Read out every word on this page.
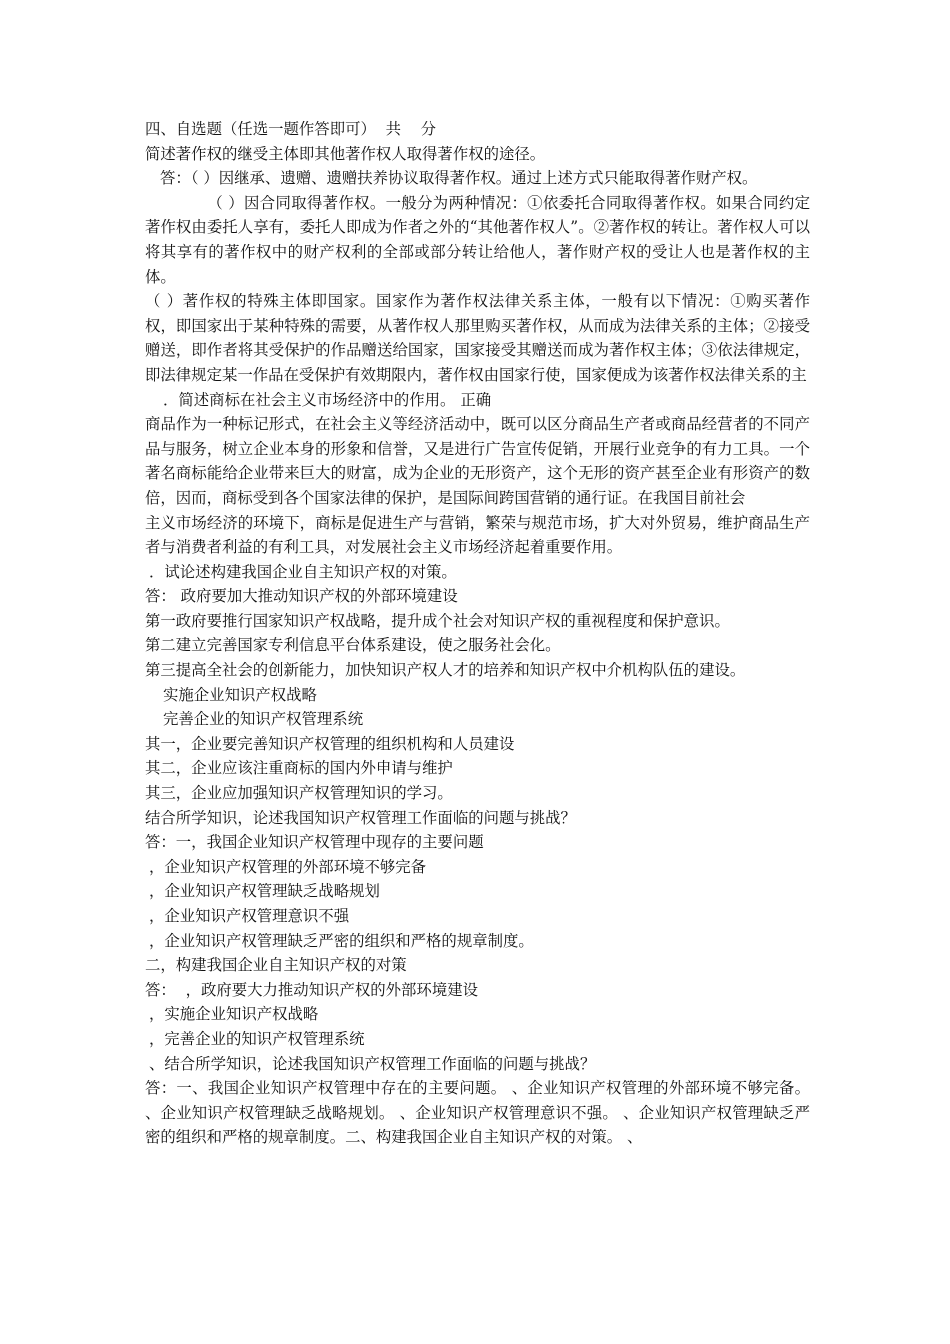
四、自选题（任选一题作答即可）  共    分

简述著作权的继受主体即其他著作权人取得著作权的途径。

答：（ ）因继承、遗赠、遗赠扶养协议取得著作权。通过上述方式只能取得著作财产权。

（ ）因合同取得著作权。一般分为两种情况：①依委托合同取得著作权。如果合同约定著作权由委托人享有，委托人即成为作者之外的“其他著作权人”。②著作权的转让。著作权人可以将其享有的著作权中的财产权利的全部或部分转让给他人，著作财产权的受让人也是著作权的主体。

（ ）著作权的特殊主体即国家。国家作为著作权法律关系主体，一般有以下情况：①购买著作权，即国家出于某种特殊的需要，从著作权人那里购买著作权，从而成为法律关系的主体；②接受赠送，即作者将其受保护的作品赠送给国家，国家接受其赠送而成为著作权主体；③依法律规定，即法律规定某一作品在受保护有效期限内，著作权由国家行使，国家便成为该著作权法律关系的主

．简述商标在社会主义市场经济中的作用。 正确

商品作为一种标记形式，在社会主义等经济活动中，既可以区分商品生产者或商品经营者的不同产品与服务，树立企业本身的形象和信誉，又是进行广告宣传促销，开展行业竞争的有力工具。一个著名商标能给企业带来巨大的财富，成为企业的无形资产，这个无形的资产甚至企业有形资产的数倍，因而，商标受到各个国家法律的保护，是国际间跨国营销的通行证。在我国目前社会

主义市场经济的环境下，商标是促进生产与营销，繁荣与规范市场，扩大对外贸易，维护商品生产者与消费者利益的有利工具，对发展社会主义市场经济起着重要作用。

．试论述构建我国企业自主知识产权的对策。

答： 政府要加大推动知识产权的外部环境建设

第一政府要推行国家知识产权战略，提升成个社会对知识产权的重视程度和保护意识。

第二建立完善国家专利信息平台体系建设，使之服务社会化。

第三提高全社会的创新能力，加快知识产权人才的培养和知识产权中介机构队伍的建设。

实施企业知识产权战略

完善企业的知识产权管理系统

其一，企业要完善知识产权管理的组织机构和人员建设

其二，企业应该注重商标的国内外申请与维护

其三，企业应加强知识产权管理知识的学习。

结合所学知识，论述我国知识产权管理工作面临的问题与挑战？

答：一，我国企业知识产权管理中现存的主要问题

，企业知识产权管理的外部环境不够完备

，企业知识产权管理缺乏战略规划

，企业知识产权管理意识不强

，企业知识产权管理缺乏严密的组织和严格的规章制度。

二，构建我国企业自主知识产权的对策

答：  ，政府要大力推动知识产权的外部环境建设

，实施企业知识产权战略

，完善企业的知识产权管理系统

、结合所学知识，论述我国知识产权管理工作面临的问题与挑战？

答：一、我国企业知识产权管理中存在的主要问题。 、企业知识产权管理的外部环境不够完备。 、企业知识产权管理缺乏战略规划。 、企业知识产权管理意识不强。 、企业知识产权管理缺乏严密的组织和严格的规章制度。二、构建我国企业自主知识产权的对策。 、
